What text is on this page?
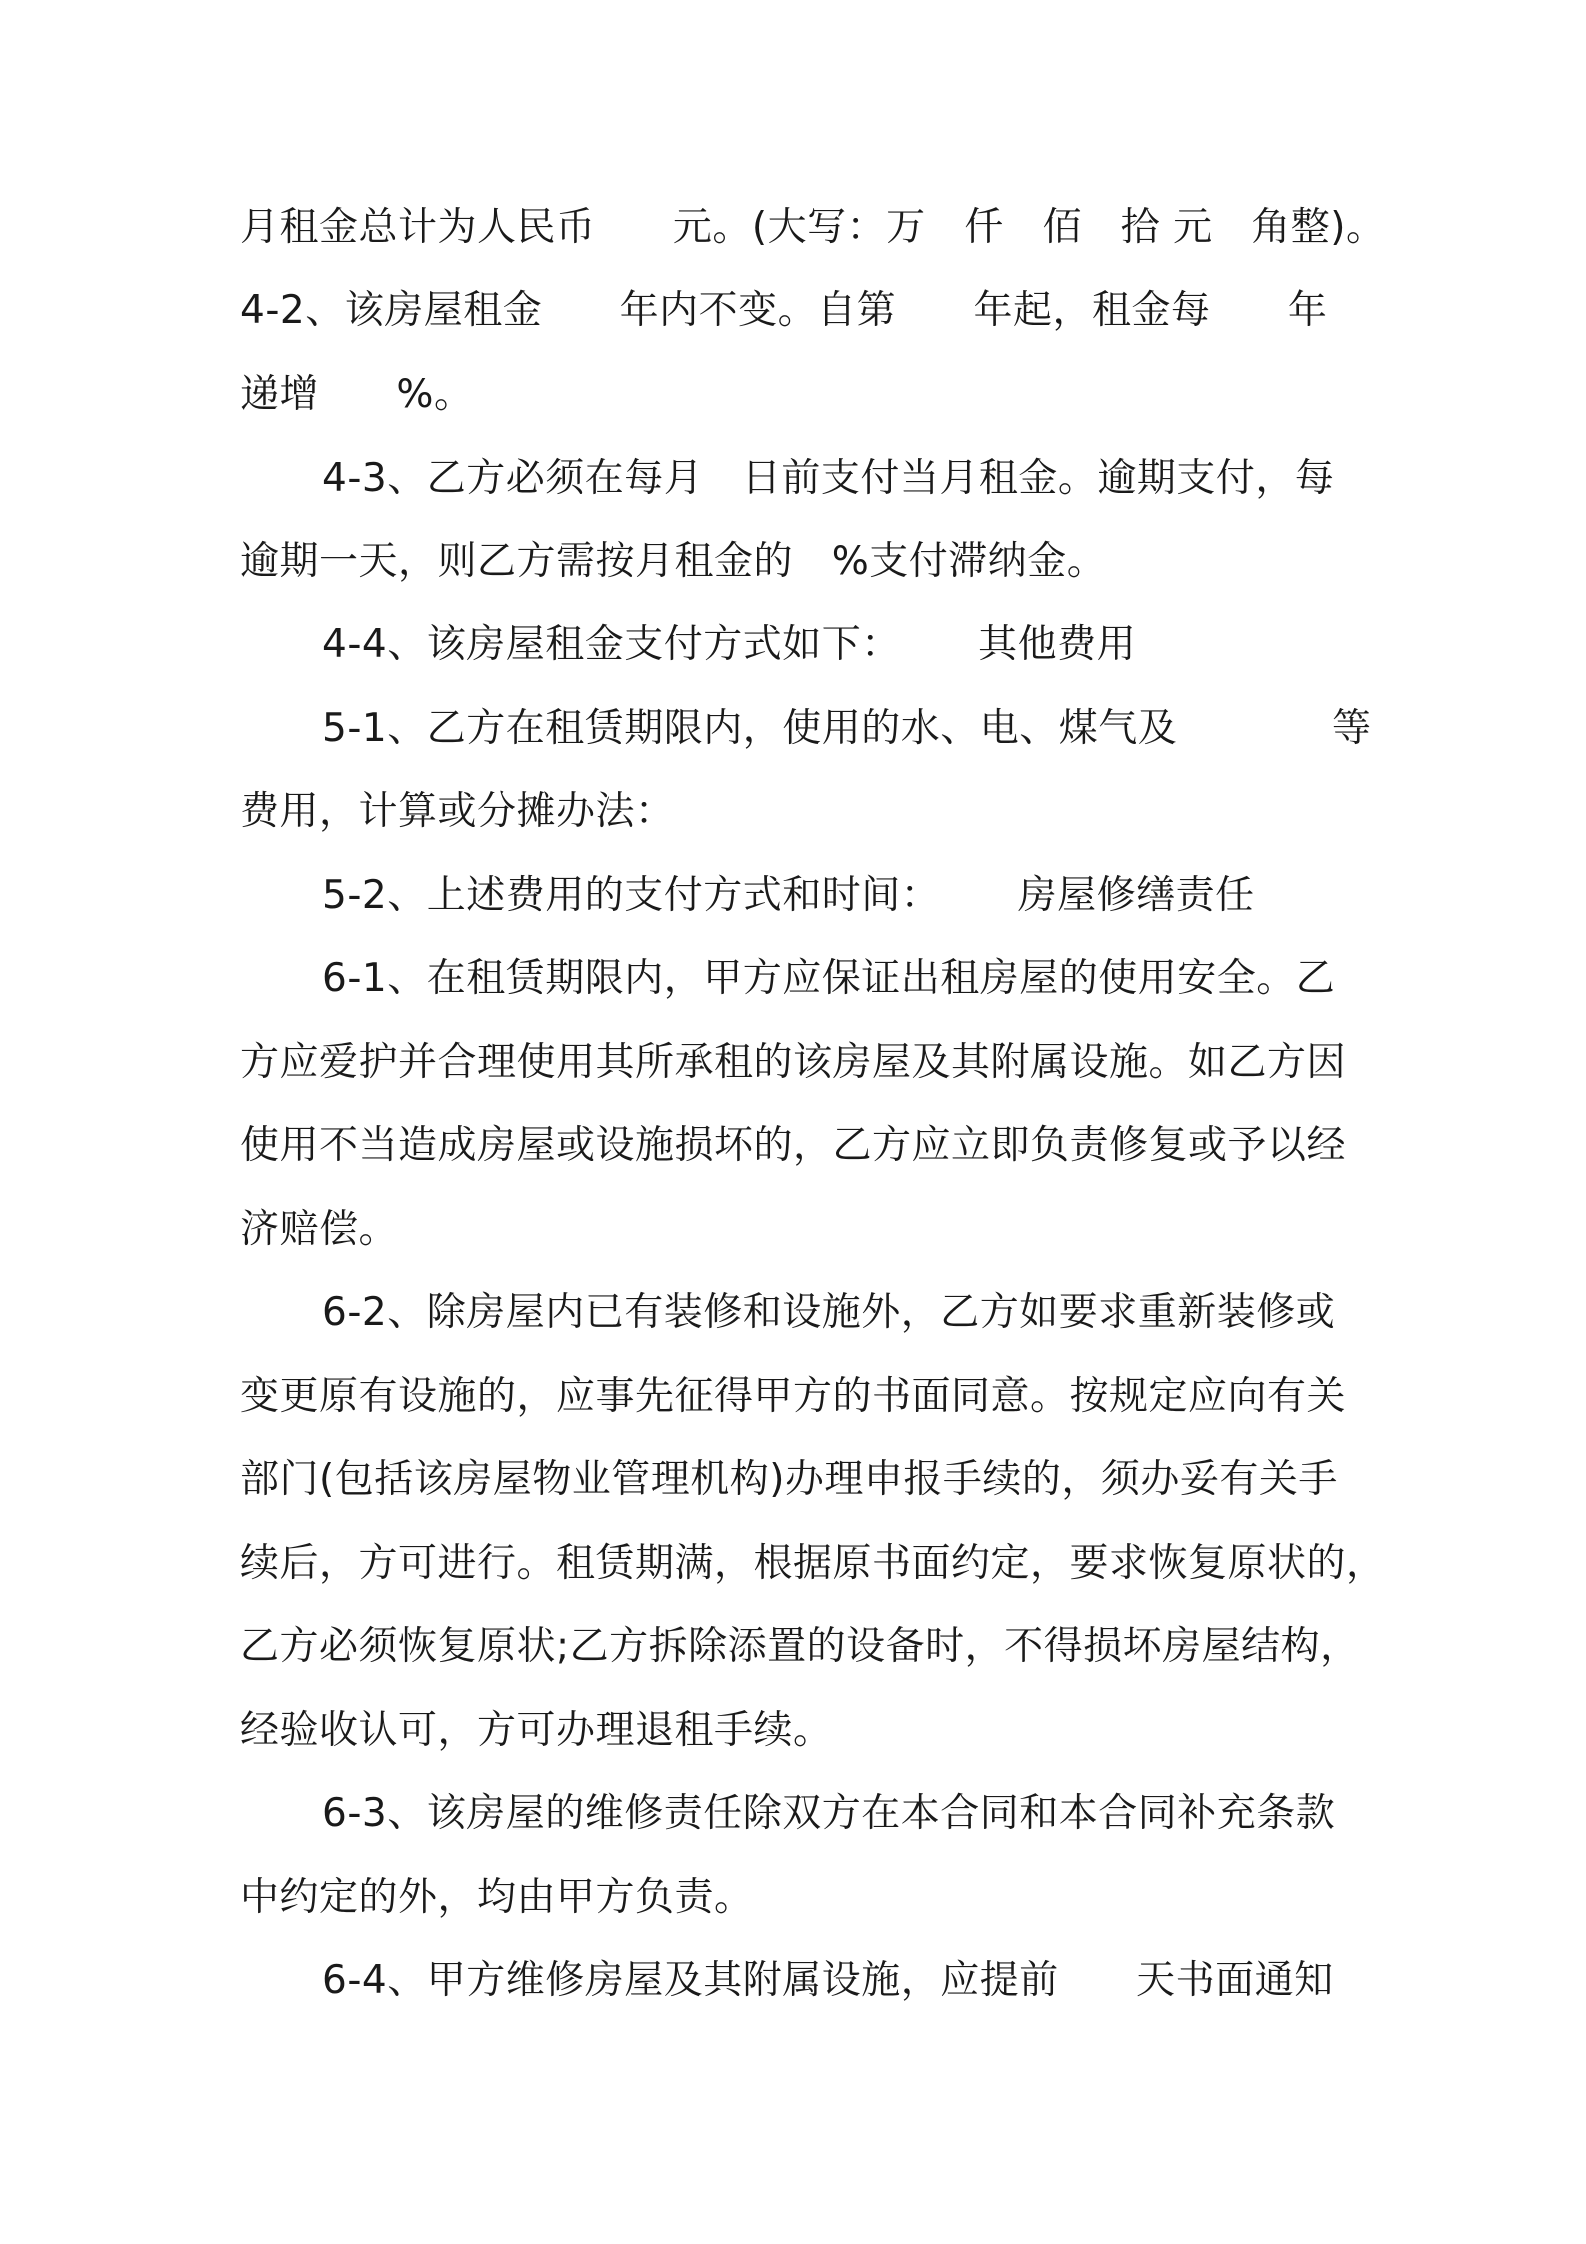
月租金总计为人民币      元。(大写：万   仟   佰   拾 元   角整)。
4-2、该房屋租金      年内不变。自第      年起，租金每      年
递增      %。
4-3、乙方必须在每月   日前支付当月租金。逾期支付，每
逾期一天，则乙方需按月租金的   %支付滞纳金。
4-4、该房屋租金支付方式如下：      其他费用
5-1、乙方在租赁期限内，使用的水、电、煤气及            等
费用，计算或分摊办法：
5-2、上述费用的支付方式和时间：      房屋修缮责任
6-1、在租赁期限内，甲方应保证出租房屋的使用安全。乙
方应爱护并合理使用其所承租的该房屋及其附属设施。如乙方因
使用不当造成房屋或设施损坏的，乙方应立即负责修复或予以经
济赔偿。
6-2、除房屋内已有装修和设施外，乙方如要求重新装修或
变更原有设施的，应事先征得甲方的书面同意。按规定应向有关
部门(包括该房屋物业管理机构)办理申报手续的，须办妥有关手
续后，方可进行。租赁期满，根据原书面约定，要求恢复原状的，
乙方必须恢复原状;乙方拆除添置的设备时，不得损坏房屋结构，
经验收认可，方可办理退租手续。
6-3、该房屋的维修责任除双方在本合同和本合同补充条款
中约定的外，均由甲方负责。
6-4、甲方维修房屋及其附属设施，应提前      天书面通知
